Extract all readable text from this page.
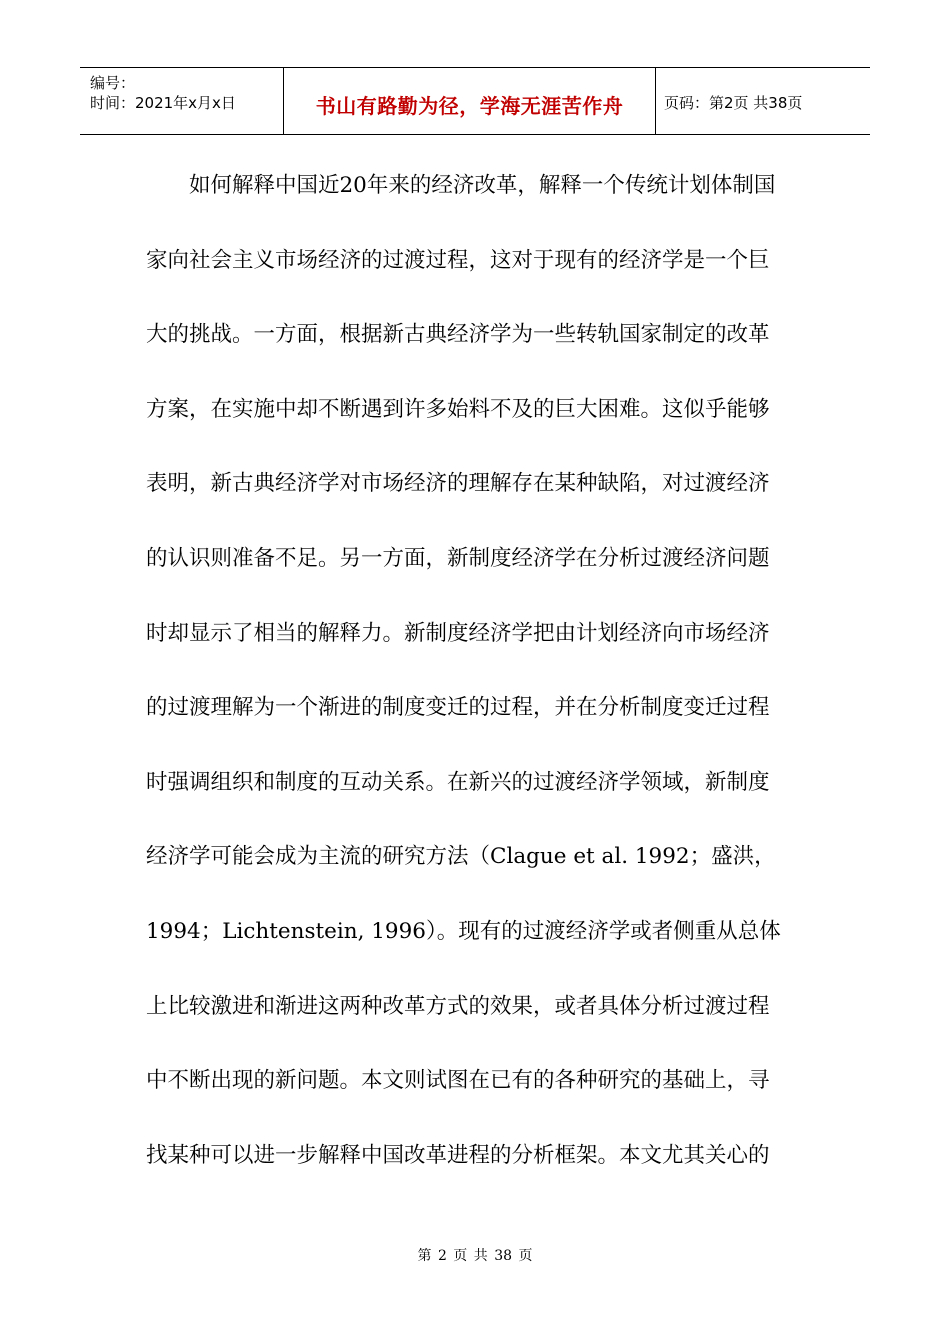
编号：
时间：2021年x月x日	书山有路勤为径，学海无涯苦作舟	页码：第2页 共38页
如何解释中国近20年来的经济改革，解释一个传统计划体制国
家向社会主义市场经济的过渡过程，这对于现有的经济学是一个巨
大的挑战。一方面，根据新古典经济学为一些转轨国家制定的改革
方案，在实施中却不断遇到许多始料不及的巨大困难。这似乎能够
表明，新古典经济学对市场经济的理解存在某种缺陷，对过渡经济
的认识则准备不足。另一方面，新制度经济学在分析过渡经济问题
时却显示了相当的解释力。新制度经济学把由计划经济向市场经济
的过渡理解为一个渐进的制度变迁的过程，并在分析制度变迁过程
时强调组织和制度的互动关系。在新兴的过渡经济学领域，新制度
经济学可能会成为主流的研究方法（Clague et al. 1992；盛洪，
1994；Lichtenstein, 1996）。现有的过渡经济学或者侧重从总体
上比较激进和渐进这两种改革方式的效果，或者具体分析过渡过程
中不断出现的新问题。本文则试图在已有的各种研究的基础上，寻
找某种可以进一步解释中国改革进程的分析框架。本文尤其关心的
第 2 页 共 38 页
